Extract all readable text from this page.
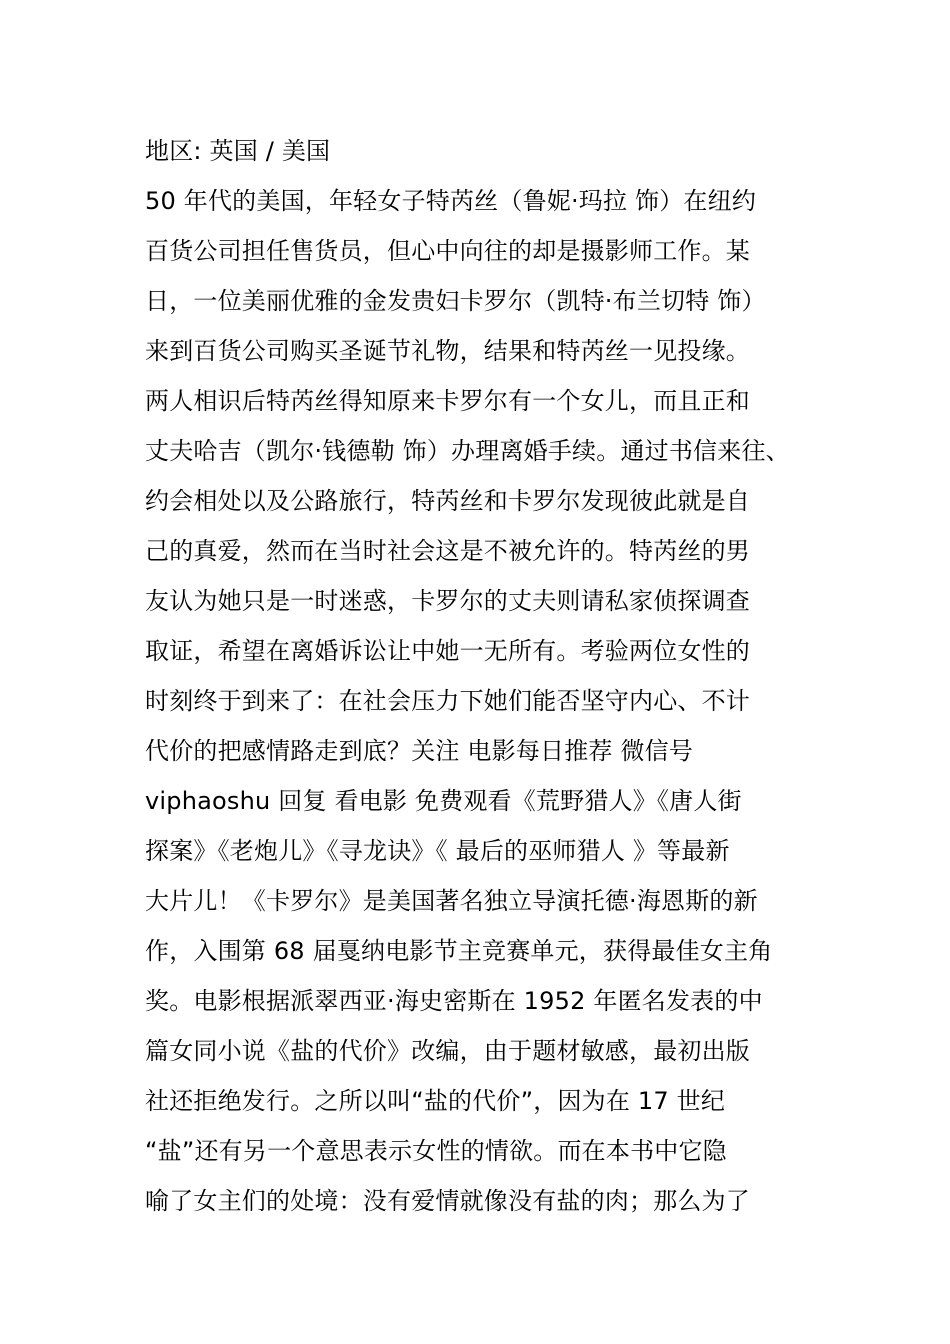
地区: 英国 / 美国
50 年代的美国，年轻女子特芮丝（鲁妮·玛拉 饰）在纽约
百货公司担任售货员，但心中向往的却是摄影师工作。某
日，一位美丽优雅的金发贵妇卡罗尔（凯特·布兰切特 饰）
来到百货公司购买圣诞节礼物，结果和特芮丝一见投缘。
两人相识后特芮丝得知原来卡罗尔有一个女儿，而且正和
丈夫哈吉（凯尔·钱德勒 饰）办理离婚手续。通过书信来往、
约会相处以及公路旅行，特芮丝和卡罗尔发现彼此就是自
己的真爱，然而在当时社会这是不被允许的。特芮丝的男
友认为她只是一时迷惑，卡罗尔的丈夫则请私家侦探调查
取证，希望在离婚诉讼让中她一无所有。考验两位女性的
时刻终于到来了：在社会压力下她们能否坚守内心、不计
代价的把感情路走到底？关注 电影每日推荐 微信号
viphaoshu 回复 看电影 免费观看《荒野猎人》《唐人街
探案》《老炮儿》《寻龙诀》《 最后的巫师猎人 》等最新
大片儿！《卡罗尔》是美国著名独立导演托德·海恩斯的新
作，入围第 68 届戛纳电影节主竞赛单元，获得最佳女主角
奖。电影根据派翠西亚·海史密斯在 1952 年匿名发表的中
篇女同小说《盐的代价》改编，由于题材敏感，最初出版
社还拒绝发行。之所以叫“盐的代价”，因为在 17 世纪
“盐”还有另一个意思表示女性的情欲。而在本书中它隐
喻了女主们的处境：没有爱情就像没有盐的肉；那么为了
